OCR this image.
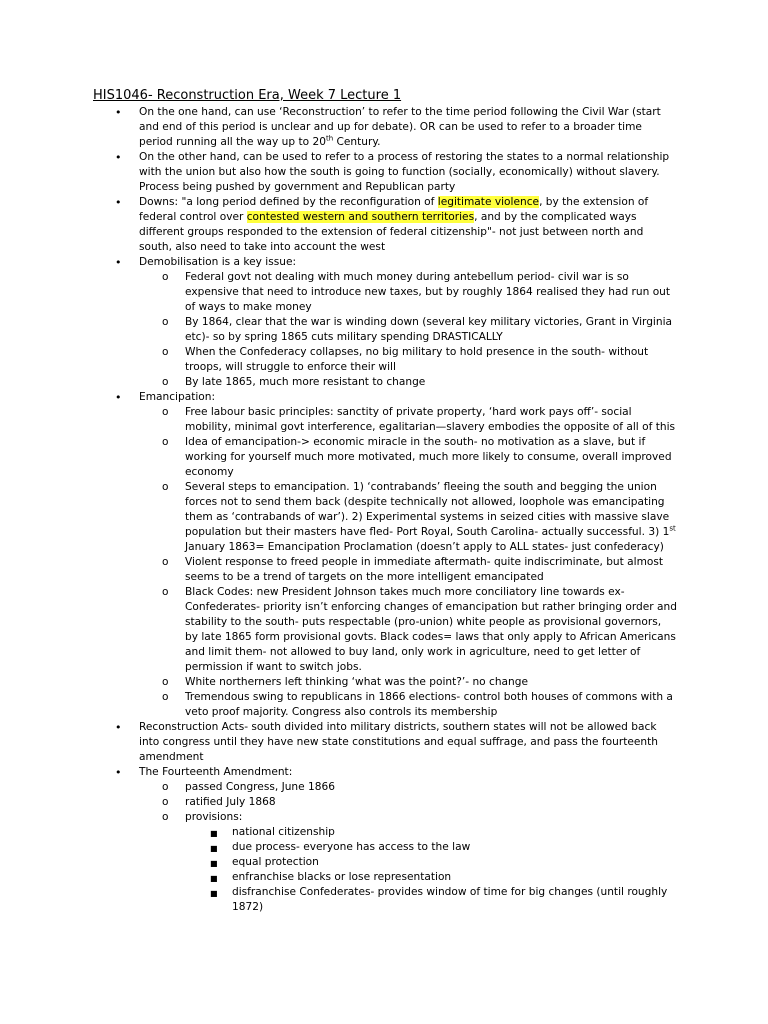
HIS1046- Reconstruction Era, Week 7 Lecture 1
• On the one hand, can use ‘Reconstruction’ to refer to the time period following the Civil War (start and end of this period is unclear and up for debate). OR can be used to refer to a broader time period running all the way up to 20th Century.
• On the other hand, can be used to refer to a process of restoring the states to a normal relationship with the union but also how the south is going to function (socially, economically) without slavery. Process being pushed by government and Republican party
• Downs: "a long period defined by the reconfiguration of legitimate violence, by the extension of federal control over contested western and southern territories, and by the complicated ways different groups responded to the extension of federal citizenship"- not just between north and south, also need to take into account the west
• Demobilisation is a key issue:
o Federal govt not dealing with much money during antebellum period- civil war is so expensive that need to introduce new taxes, but by roughly 1864 realised they had run out of ways to make money
o By 1864, clear that the war is winding down (several key military victories, Grant in Virginia etc)- so by spring 1865 cuts military spending DRASTICALLY
o When the Confederacy collapses, no big military to hold presence in the south- without troops, will struggle to enforce their will
o By late 1865, much more resistant to change
• Emancipation:
o Free labour basic principles: sanctity of private property, ‘hard work pays off’- social mobility, minimal govt interference, egalitarian—slavery embodies the opposite of all of this
o Idea of emancipation-> economic miracle in the south- no motivation as a slave, but if working for yourself much more motivated, much more likely to consume, overall improved economy
o Several steps to emancipation. 1) ‘contrabands’ fleeing the south and begging the union forces not to send them back (despite technically not allowed, loophole was emancipating them as ‘contrabands of war’). 2) Experimental systems in seized cities with massive slave population but their masters have fled- Port Royal, South Carolina- actually successful. 3) 1st January 1863= Emancipation Proclamation (doesn’t apply to ALL states- just confederacy)
o Violent response to freed people in immediate aftermath- quite indiscriminate, but almost seems to be a trend of targets on the more intelligent emancipated
o Black Codes: new President Johnson takes much more conciliatory line towards ex-Confederates- priority isn’t enforcing changes of emancipation but rather bringing order and stability to the south- puts respectable (pro-union) white people as provisional governors, by late 1865 form provisional govts. Black codes= laws that only apply to African Americans and limit them- not allowed to buy land, only work in agriculture, need to get letter of permission if want to switch jobs.
o White northerners left thinking ‘what was the point?’- no change
o Tremendous swing to republicans in 1866 elections- control both houses of commons with a veto proof majority. Congress also controls its membership
• Reconstruction Acts- south divided into military districts, southern states will not be allowed back into congress until they have new state constitutions and equal suffrage, and pass the fourteenth amendment
• The Fourteenth Amendment:
o passed Congress, June 1866
o ratified July 1868
o provisions:
■ national citizenship
■ due process- everyone has access to the law
■ equal protection
■ enfranchise blacks or lose representation
■ disfranchise Confederates- provides window of time for big changes (until roughly 1872)
